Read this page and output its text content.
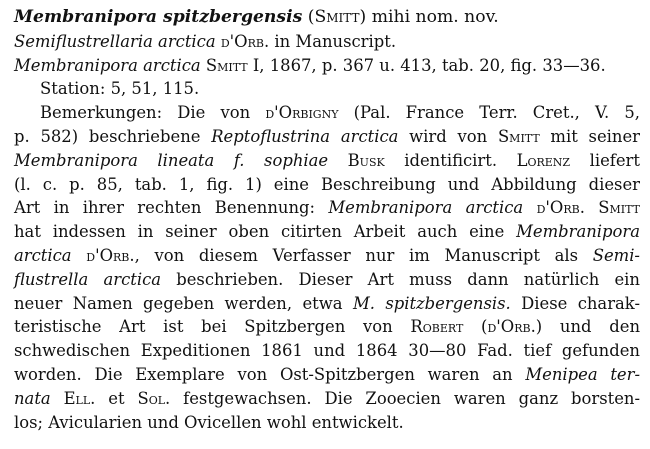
Membranipora spitzbergensis (Smitt) mihi nom. nov.
Semiflustrellaria arctica d'Orb. in Manuscript.
Membranipora arctica Smitt I, 1867, p. 367 u. 413, tab. 20, fig. 33—36.
Station: 5, 51, 115.
Bemerkungen: Die von d'Orbigny (Pal. France Terr. Cret., V. 5,
p. 582) beschriebene Reptoflustrina arctica wird von Smitt mit seiner
Membranipora lineata f. sophiae Busk identificirt. Lorenz liefert
(l. c. p. 85, tab. 1, fig. 1) eine Beschreibung und Abbildung dieser
Art in ihrer rechten Benennung: Membranipora arctica d'Orb. Smitt
hat indessen in seiner oben citirten Arbeit auch eine Membranipora
arctica d'Orb., von diesem Verfasser nur im Manuscript als Semi-
flustrella arctica beschrieben. Dieser Art muss dann natürlich ein
neuer Namen gegeben werden, etwa M. spitzbergensis. Diese charak-
teristische Art ist bei Spitzbergen von Robert (d'Orb.) und den
schwedischen Expeditionen 1861 und 1864 30—80 Fad. tief gefunden
worden. Die Exemplare von Ost-Spitzbergen waren an Menipea ter-
nata Ell. et Sol. festgewachsen. Die Zooecien waren ganz borsten-
los; Avicularien und Ovicellen wohl entwickelt.
